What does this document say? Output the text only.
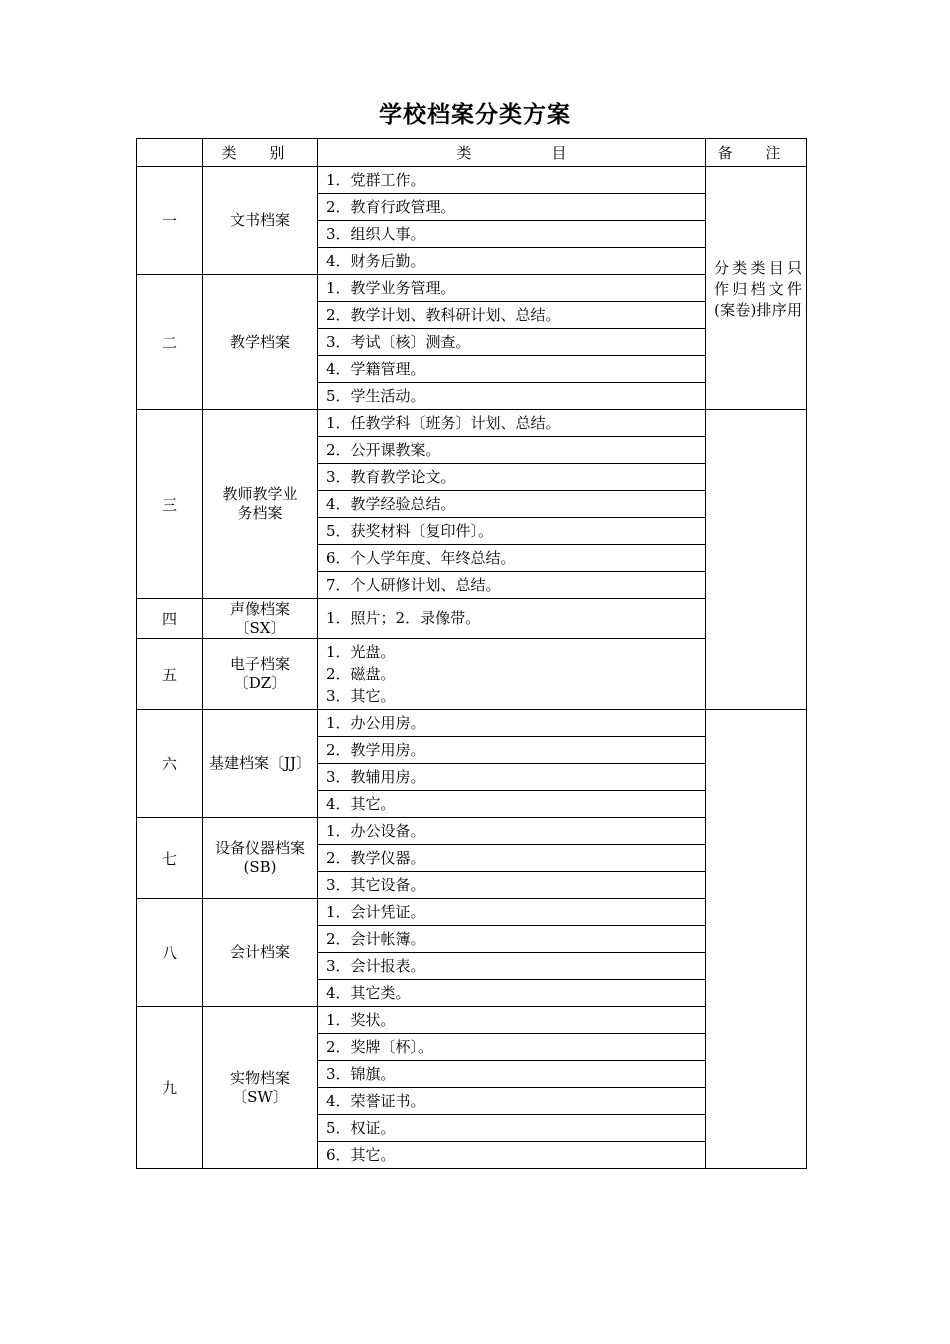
学校档案分类方案
	类 别	类 目	备 注
一	文书档案	1．党群工作。	分类类目只作归档文件(案卷)排序用
		2．教育行政管理。	
		3．组织人事。	
		4．财务后勤。	
二	教学档案	1．教学业务管理。	
		2．教学计划、教科研计划、总结。	
		3．考试〔核〕测查。	
		4．学籍管理。	
		5．学生活动。	
三	教师教学业务档案	1．任教学科〔班务〕计划、总结。	
		2．公开课教案。	
		3．教育教学论文。	
		4．教学经验总结。	
		5．获奖材料〔复印件〕。	
		6．个人学年度、年终总结。	
		7．个人研修计划、总结。	
四	声像档案〔SX〕	1．照片；2．录像带。	
五	电子档案〔DZ〕	1．光盘。
2．磁盘。
3．其它。	

六	基建档案〔JJ〕	1．办公用房。	
		2．教学用房。	
		3．教辅用房。	
		4．其它。	
七	设备仪器档案(SB)	1．办公设备。	
		2．教学仪器。	
		3．其它设备。	
八	会计档案	1．会计凭证。	
		2．会计帐簿。	
		3．会计报表。	
		4．其它类。	
九	实物档案〔SW〕	1．奖状。	
		2．奖牌〔杯〕。	
		3．锦旗。	
		4．荣誉证书。	
		5．权证。	
		6．其它。	
